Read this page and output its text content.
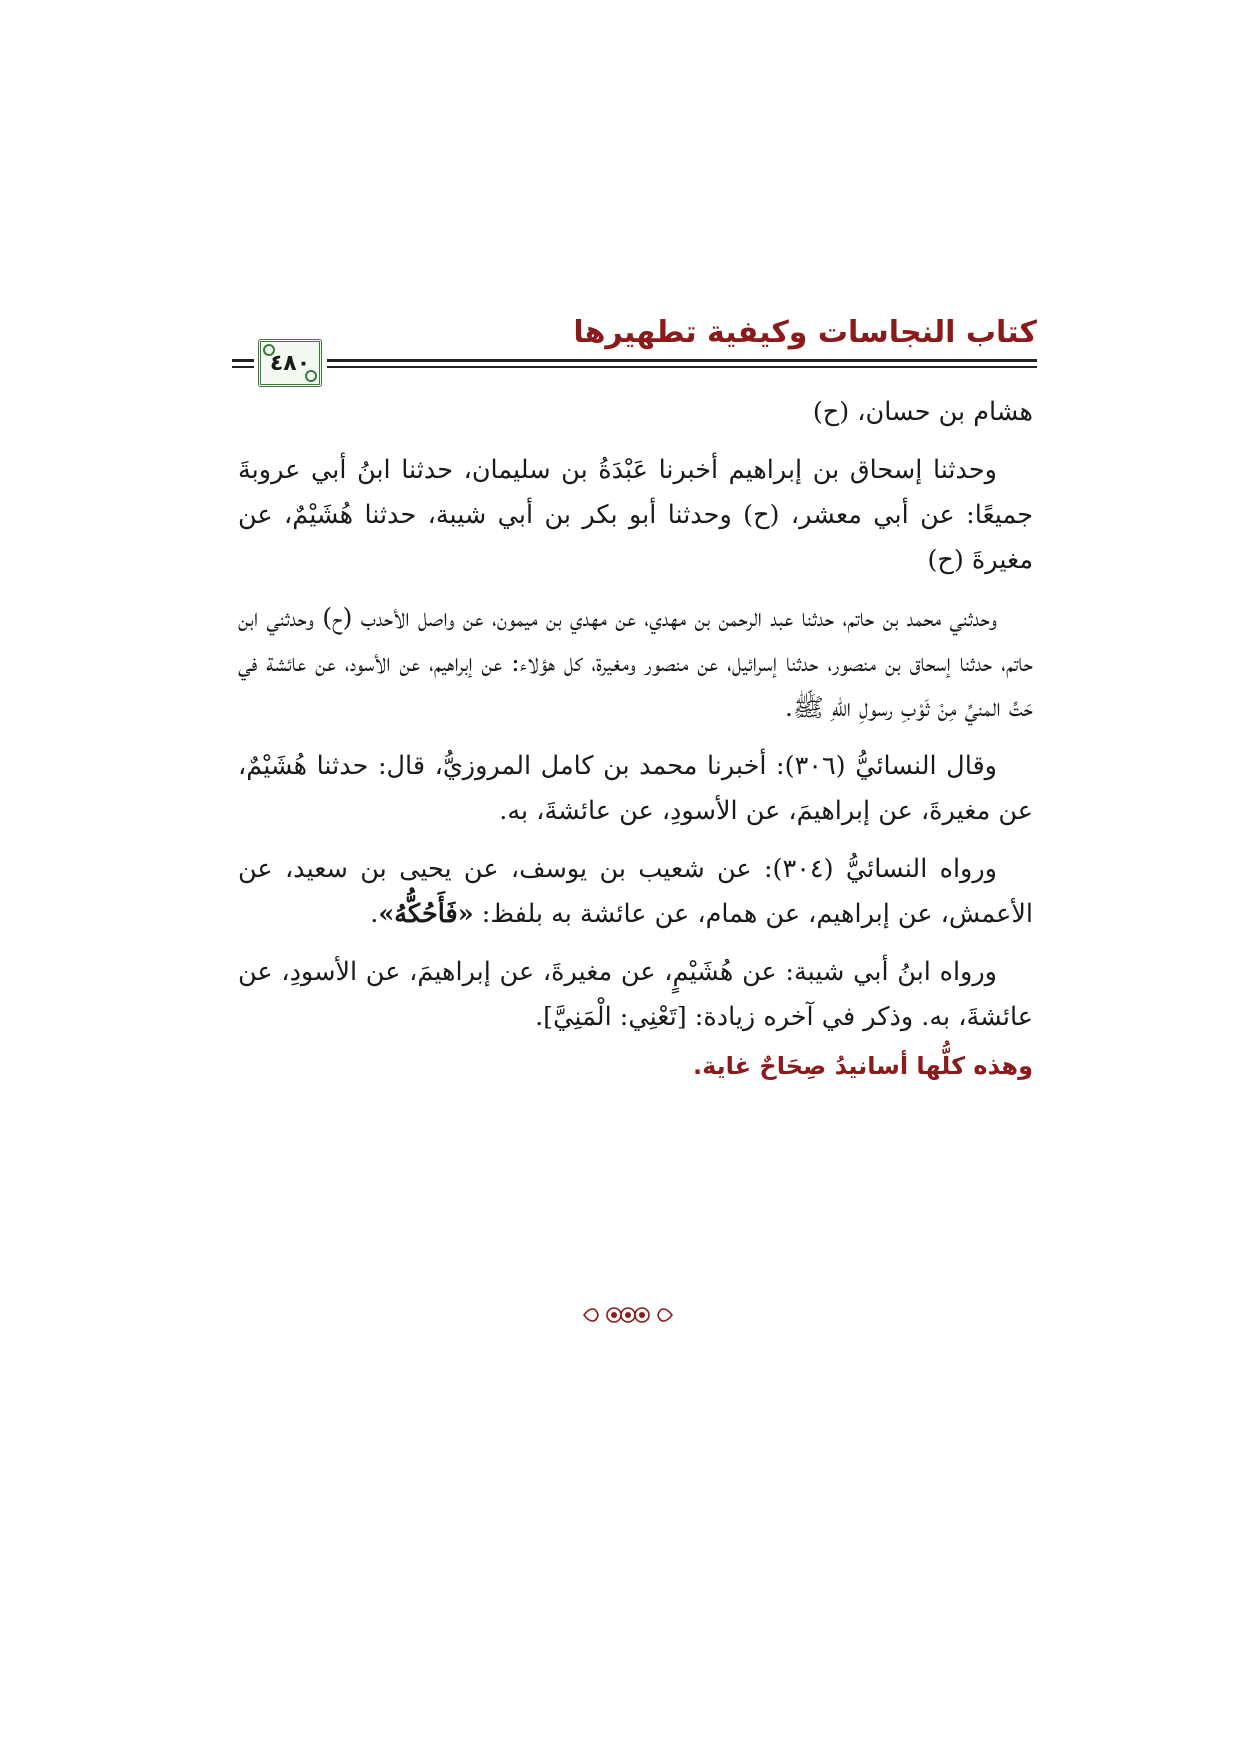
كتاب النجاسات وكيفية تطهيرها
٤٨٠

هشام بن حسان، (ح)

وحدثنا إسحاق بن إبراهيم أخبرنا عَبْدَةُ بن سليمان، حدثنا ابنُ أبي عروبةَ جميعًا: عن أبي معشر، (ح) وحدثنا أبو بكر بن أبي شيبة، حدثنا هُشَيْمٌ، عن مغيرةَ (ح)

وحدثني محمد بن حاتم، حدثنا عبد الرحمن بن مهدي، عن مهدي بن ميمون، عن واصل الأحدب (ح) وحدثني ابن حاتم، حدثنا إسحاق بن منصور، حدثنا إسرائيل، عن منصور ومغيرة، كل هؤلاء: عن إبراهيم، عن الأسود، عن عائشة في حَتِّ المنيِّ مِنْ ثَوْبِ رسولِ اللهِ ﷺ.

وقال النسائيُّ (٣٠٦): أخبرنا محمد بن كامل المروزيُّ، قال: حدثنا هُشَيْمٌ، عن مغيرةَ، عن إبراهيمَ، عن الأسودِ، عن عائشةَ، به.

ورواه النسائيُّ (٣٠٤): عن شعيب بن يوسف، عن يحيى بن سعيد، عن الأعمش، عن إبراهيم، عن همام، عن عائشة به بلفظ: «فَأَحُكُّهُ».

ورواه ابنُ أبي شيبة: عن هُشَيْمٍ، عن مغيرةَ، عن إبراهيمَ، عن الأسودِ، عن عائشةَ، به. وذكر في آخره زيادة: [تَعْنِي: الْمَنِيَّ].

وهذه كلُّها أسانيدُ صِحَاحٌ غاية.
